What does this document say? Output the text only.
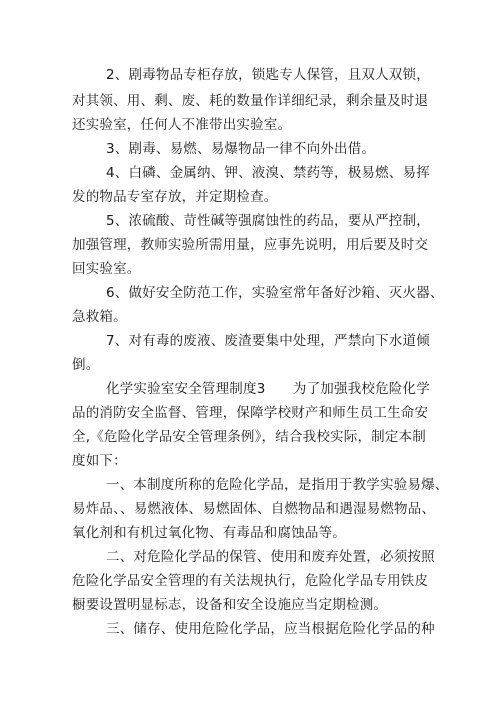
2、剧毒物品专柜存放，锁匙专人保管，且双人双锁，
对其领、用、剩、废、耗的数量作详细纪录，剩余量及时退
还实验室，任何人不准带出实验室。
3、剧毒、易燃、易爆物品一律不向外出借。
4、白磷、金属纳、钾、液溴、禁药等，极易燃、易挥
发的物品专室存放，并定期检查。
5、浓硫酸、苛性碱等强腐蚀性的药品，要从严控制，
加强管理，教师实验所需用量，应事先说明，用后要及时交
回实验室。
6、做好安全防范工作，实验室常年备好沙箱、灭火器、
急救箱。
7、对有毒的废液、废渣要集中处理，严禁向下水道倾
倒。
化学实验室安全管理制度3　　为了加强我校危险化学
品的消防安全监督、管理，保障学校财产和师生员工生命安
全,《危险化学品安全管理条例》，结合我校实际，制定本制
度如下：
一、本制度所称的危险化学品，是指用于教学实验易爆、
易炸品、、易燃液体、易燃固体、自燃物品和遇湿易燃物品、
氧化剂和有机过氧化物、有毒品和腐蚀品等。
二、对危险化学品的保管、使用和废弃处置，必须按照
危险化学品安全管理的有关法规执行，危险化学品专用铁皮
橱要设置明显标志，设备和安全设施应当定期检测。
三、储存、使用危险化学品，应当根据危险化学品的种
